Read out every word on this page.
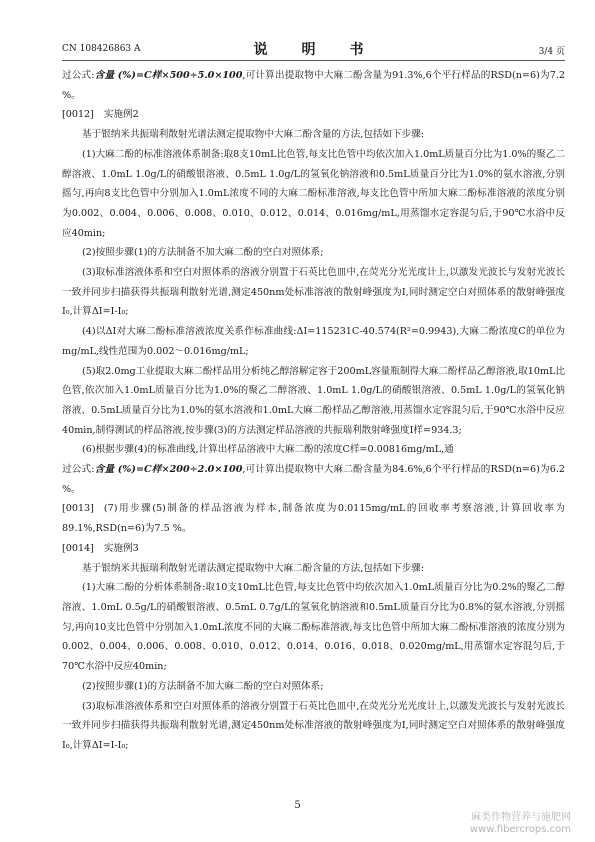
CN 108426863 A	说　明　书	3/4 页

过公式:含量 (%)=C样×500÷5.0×100,可计算出提取物中大麻二酚含量为91.3%,6个平行样品的RSD(n=6)为7.2 %。

[0012] 实施例2

基于银纳米共振瑞利散射光谱法测定提取物中大麻二酚含量的方法,包括如下步骤:

(1)大麻二酚的标准溶液体系制备:取8支10mL比色管,每支比色管中均依次加入1.0mL质量百分比为1.0%的聚乙二醇溶液、1.0mL 1.0g/L的硝酸银溶液、0.5mL 1.0g/L的氢氧化钠溶液和0.5mL质量百分比为1.0%的氨水溶液,分别摇匀,再向8支比色管中分别加入1.0mL浓度不同的大麻二酚标准溶液,每支比色管中所加大麻二酚标准溶液的浓度分别为0.002、0.004、0.006、0.008、0.010、0.012、0.014、0.016mg/mL,用蒸馏水定容混匀后,于90℃水浴中反应40min;

(2)按照步骤(1)的方法制备不加大麻二酚的空白对照体系;

(3)取标准溶液体系和空白对照体系的溶液分别置于石英比色皿中,在荧光分光光度计上,以激发光波长与发射光波长一致并同步扫描获得共振瑞利散射光谱,测定450nm处标准溶液的散射峰强度为I,同时测定空白对照体系的散射峰强度I₀,计算ΔI=I-I₀;

(4)以ΔI对大麻二酚标准溶液浓度关系作标准曲线:ΔI=115231C-40.574(R²=0.9943),大麻二酚浓度C的单位为mg/mL,线性范围为0.002～0.016mg/mL;

(5)取2.0mg工业提取大麻二酚样品用分析纯乙醇溶解定容于200mL容量瓶制得大麻二酚样品乙醇溶液,取10mL比色管,依次加入1.0mL质量百分比为1.0%的聚乙二醇溶液、1.0mL 1.0g/L的硝酸银溶液、0.5mL 1.0g/L的氢氧化钠溶液、0.5mL质量百分比为1.0%的氨水溶液和1.0mL大麻二酚样品乙醇溶液,用蒸馏水定容混匀后,于90℃水浴中反应40min,制得测试的样品溶液,按步骤(3)的方法测定样品溶液的共振瑞利散射峰强度I样=934.3;

(6)根据步骤(4)的标准曲线,计算出样品溶液中大麻二酚的浓度C样=0.00816mg/mL,通

过公式:含量 (%)=C样×200÷2.0×100,可计算出提取物中大麻二酚含量为84.6%,6个平行样品的RSD(n=6)为6.2 %。

[0013] (7)用步骤(5)制备的样品溶液为样本,制备浓度为0.0115mg/mL的回收率考察溶液,计算回收率为89.1%,RSD(n=6)为7.5 %。

[0014] 实施例3

基于银纳米共振瑞利散射光谱法测定提取物中大麻二酚含量的方法,包括如下步骤:

(1)大麻二酚的分析体系制备:取10支10mL比色管,每支比色管中均依次加入1.0mL质量百分比为0.2%的聚乙二醇溶液、1.0mL 0.5g/L的硝酸银溶液、0.5mL 0.7g/L的氢氧化钠溶液和0.5mL质量百分比为0.8%的氨水溶液,分别摇匀,再向10支比色管中分别加入1.0mL浓度不同的大麻二酚标准溶液,每支比色管中所加大麻二酚标准溶液的浓度分别为0.002、0.004、0.006、0.008、0.010、0.012、0.014、0.016、0.018、0.020mg/mL,用蒸馏水定容混匀后,于70℃水浴中反应40min;

(2)按照步骤(1)的方法制备不加大麻二酚的空白对照体系;

(3)取标准溶液体系和空白对照体系的溶液分别置于石英比色皿中,在荧光分光光度计上,以激发光波长与发射光波长一致并同步扫描获得共振瑞利散射光谱,测定450nm处标准溶液的散射峰强度为I,同时测定空白对照体系的散射峰强度I₀,计算ΔI=I-I₀;

5
麻类作物营养与施肥网
www.fibercrops.com
